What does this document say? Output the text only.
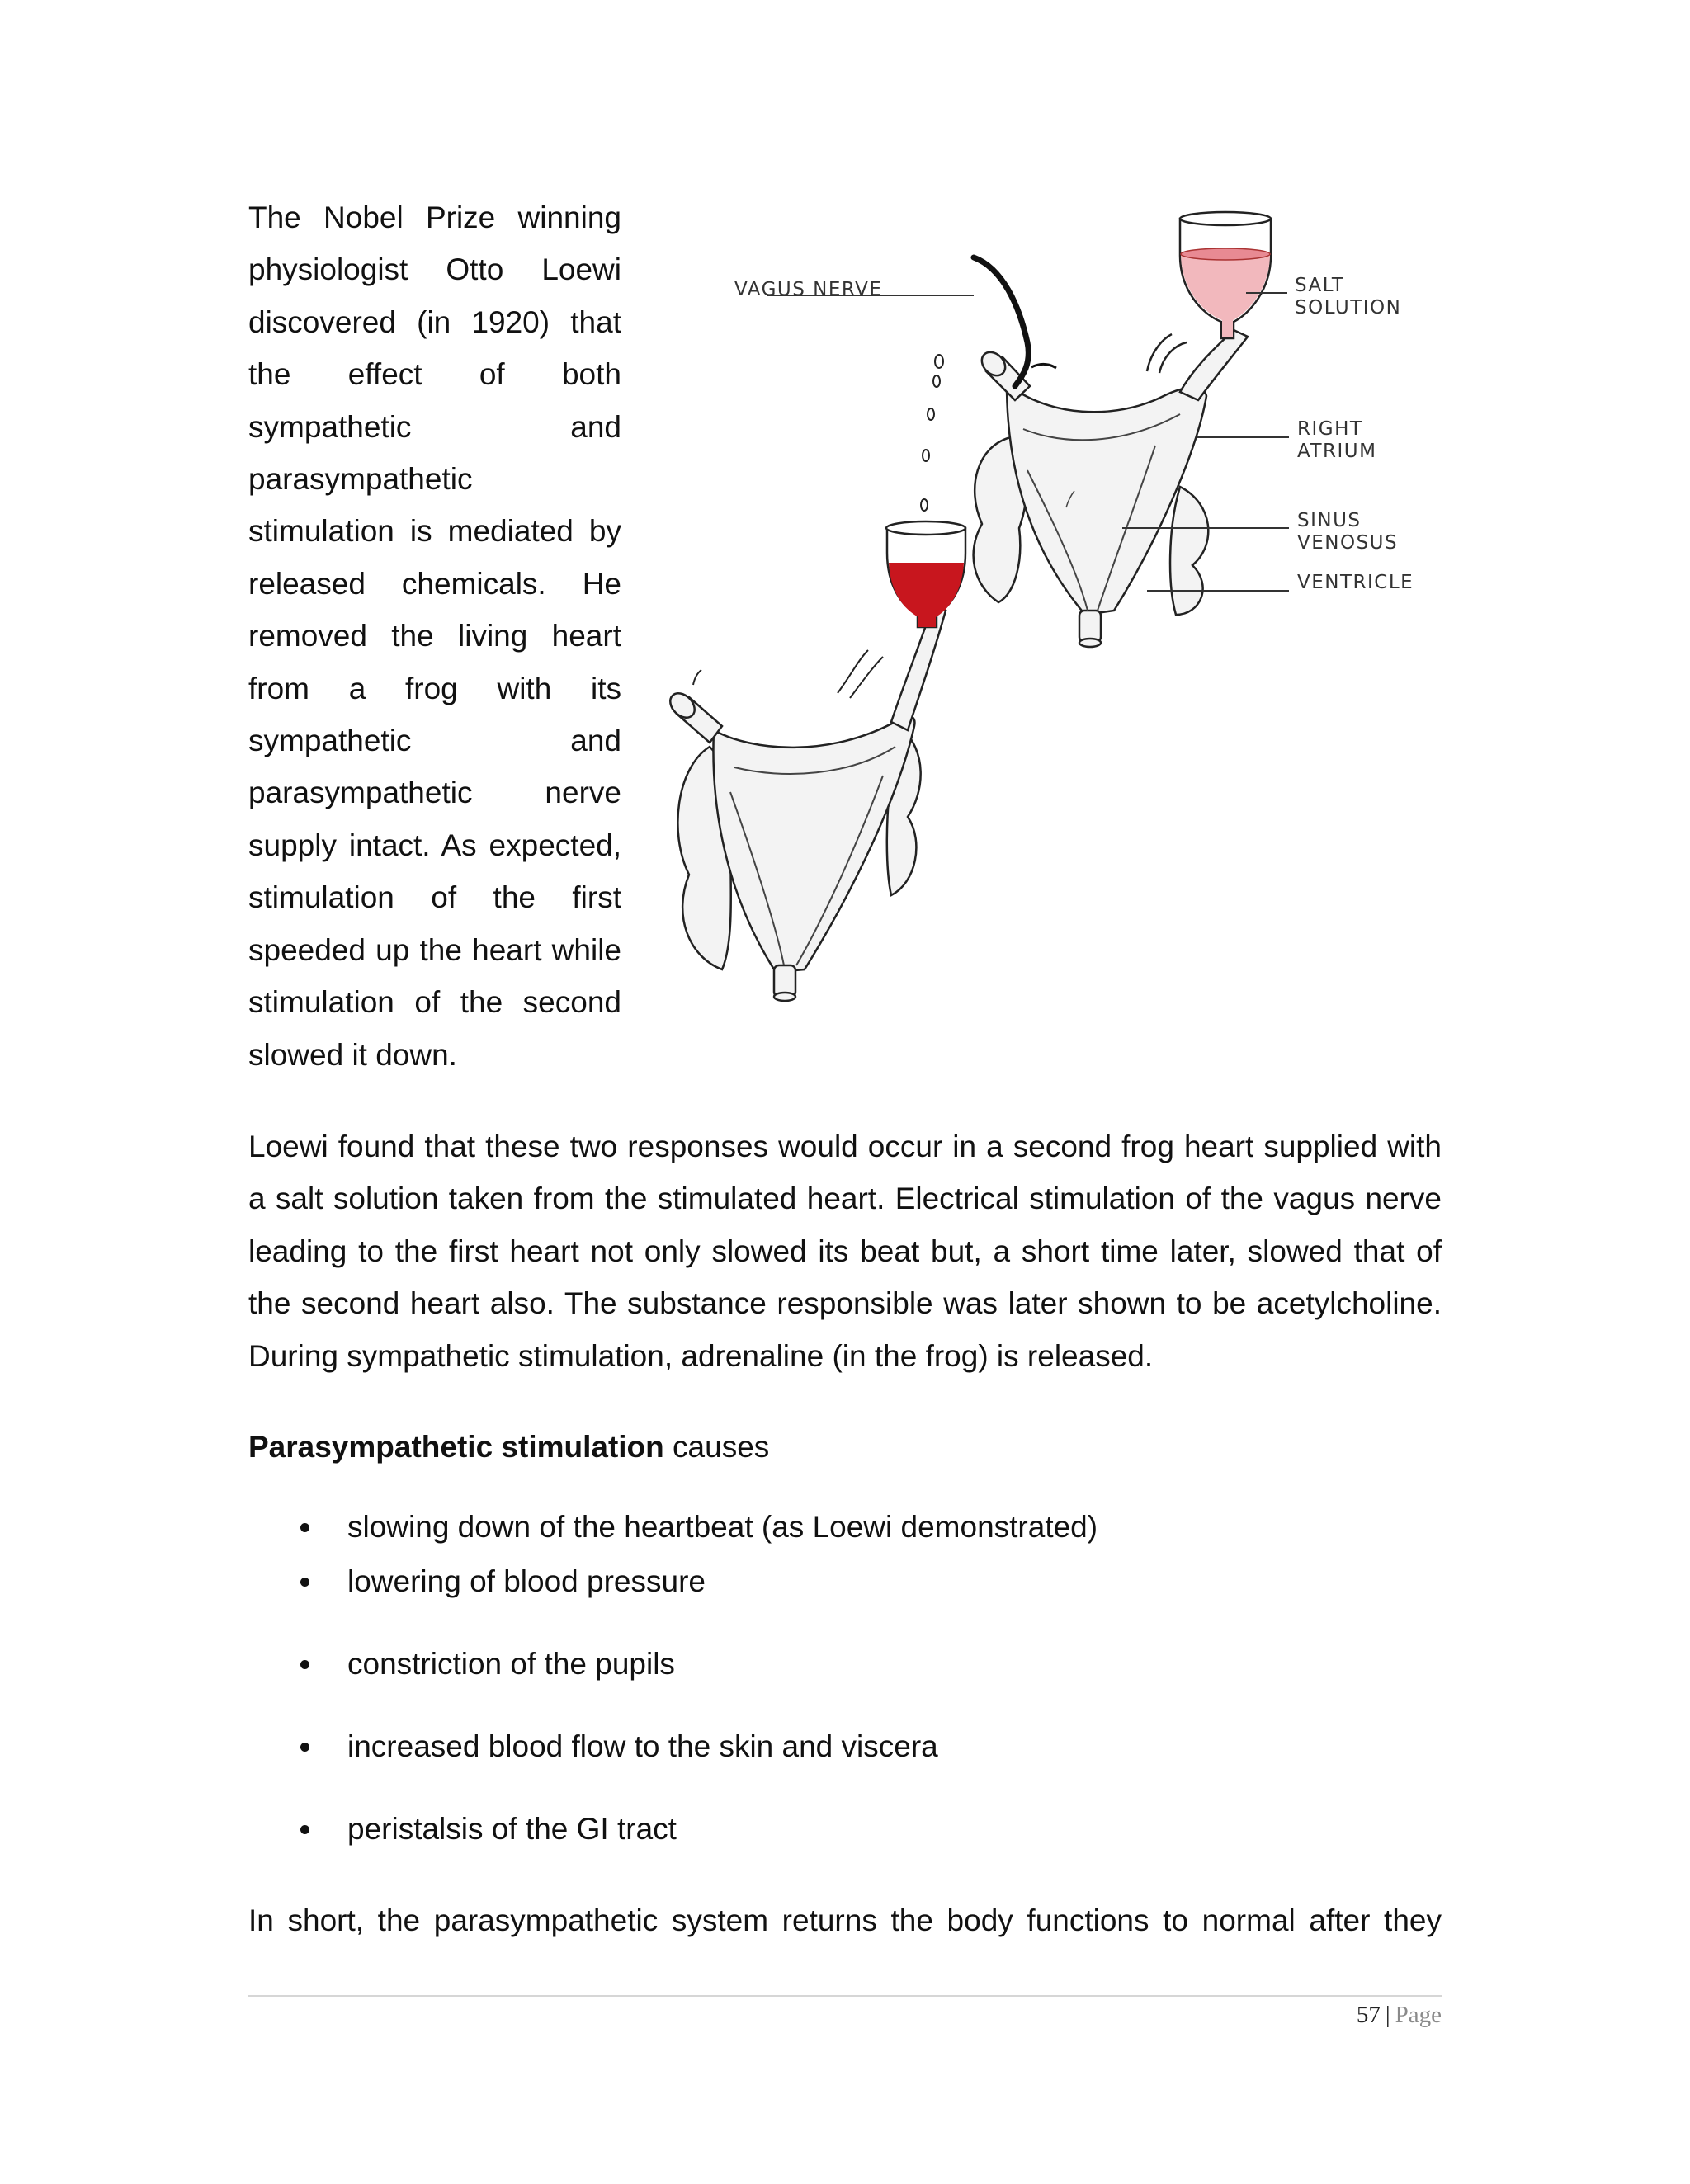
The Nobel Prize winning physiologist Otto Loewi discovered (in 1920) that the effect of both sympathetic and parasympathetic stimulation is mediated by released chemicals. He removed the living heart from a frog with its sympathetic and parasympathetic nerve supply intact. As expected, stimulation of the first speeded up the heart while stimulation of the second slowed it down.

VAGUS NERVE	SALT
SOLUTION
RIGHT
ATRIUM
SINUS
VENOSUS
VENTRICLE

Loewi found that these two responses would occur in a second frog heart supplied with a salt solution taken from the stimulated heart. Electrical stimulation of the vagus nerve leading to the first heart not only slowed its beat but, a short time later, slowed that of the second heart also. The substance responsible was later shown to be acetylcholine. During sympathetic stimulation, adrenaline (in the frog) is released.

Parasympathetic stimulation causes
slowing down of the heartbeat (as Loewi demonstrated)
lowering of blood pressure
constriction of the pupils
increased blood flow to the skin and viscera
peristalsis of the GI tract

In short, the parasympathetic system returns the body functions to normal after they

57 | Page
